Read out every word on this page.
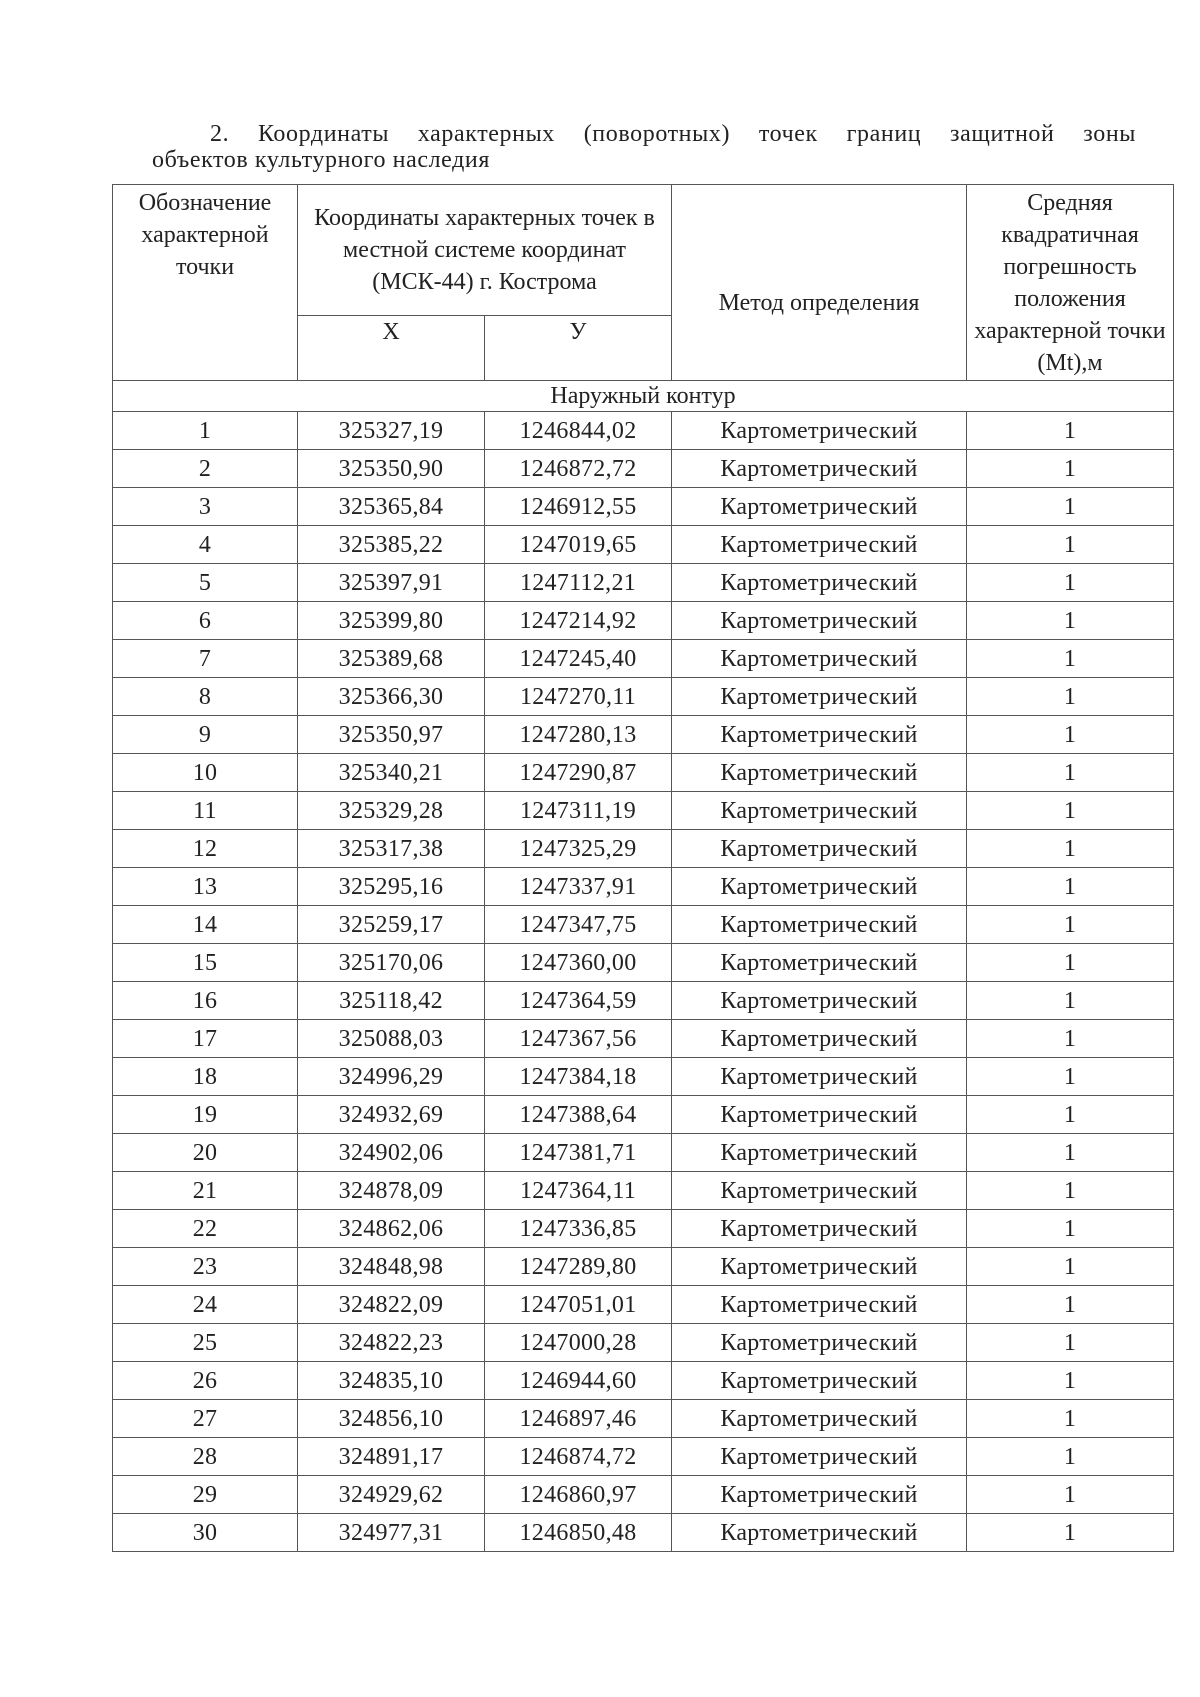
2. Координаты характерных (поворотных) точек границ защитной зоны
объектов культурного наследия
Обозначение характерной точки	Координаты характерных точек в местной системе координат (МСК-44) г. Кострома		Метод определения	Средняя квадратичная погрешность положения характерной точки (Mt),м
	X	У		
Наружный контур				
1	325327,19	1246844,02	Картометрический	1
2	325350,90	1246872,72	Картометрический	1
3	325365,84	1246912,55	Картометрический	1
4	325385,22	1247019,65	Картометрический	1
5	325397,91	1247112,21	Картометрический	1
6	325399,80	1247214,92	Картометрический	1
7	325389,68	1247245,40	Картометрический	1
8	325366,30	1247270,11	Картометрический	1
9	325350,97	1247280,13	Картометрический	1
10	325340,21	1247290,87	Картометрический	1
11	325329,28	1247311,19	Картометрический	1
12	325317,38	1247325,29	Картометрический	1
13	325295,16	1247337,91	Картометрический	1
14	325259,17	1247347,75	Картометрический	1
15	325170,06	1247360,00	Картометрический	1
16	325118,42	1247364,59	Картометрический	1
17	325088,03	1247367,56	Картометрический	1
18	324996,29	1247384,18	Картометрический	1
19	324932,69	1247388,64	Картометрический	1
20	324902,06	1247381,71	Картометрический	1
21	324878,09	1247364,11	Картометрический	1
22	324862,06	1247336,85	Картометрический	1
23	324848,98	1247289,80	Картометрический	1
24	324822,09	1247051,01	Картометрический	1
25	324822,23	1247000,28	Картометрический	1
26	324835,10	1246944,60	Картометрический	1
27	324856,10	1246897,46	Картометрический	1
28	324891,17	1246874,72	Картометрический	1
29	324929,62	1246860,97	Картометрический	1
30	324977,31	1246850,48	Картометрический	1
